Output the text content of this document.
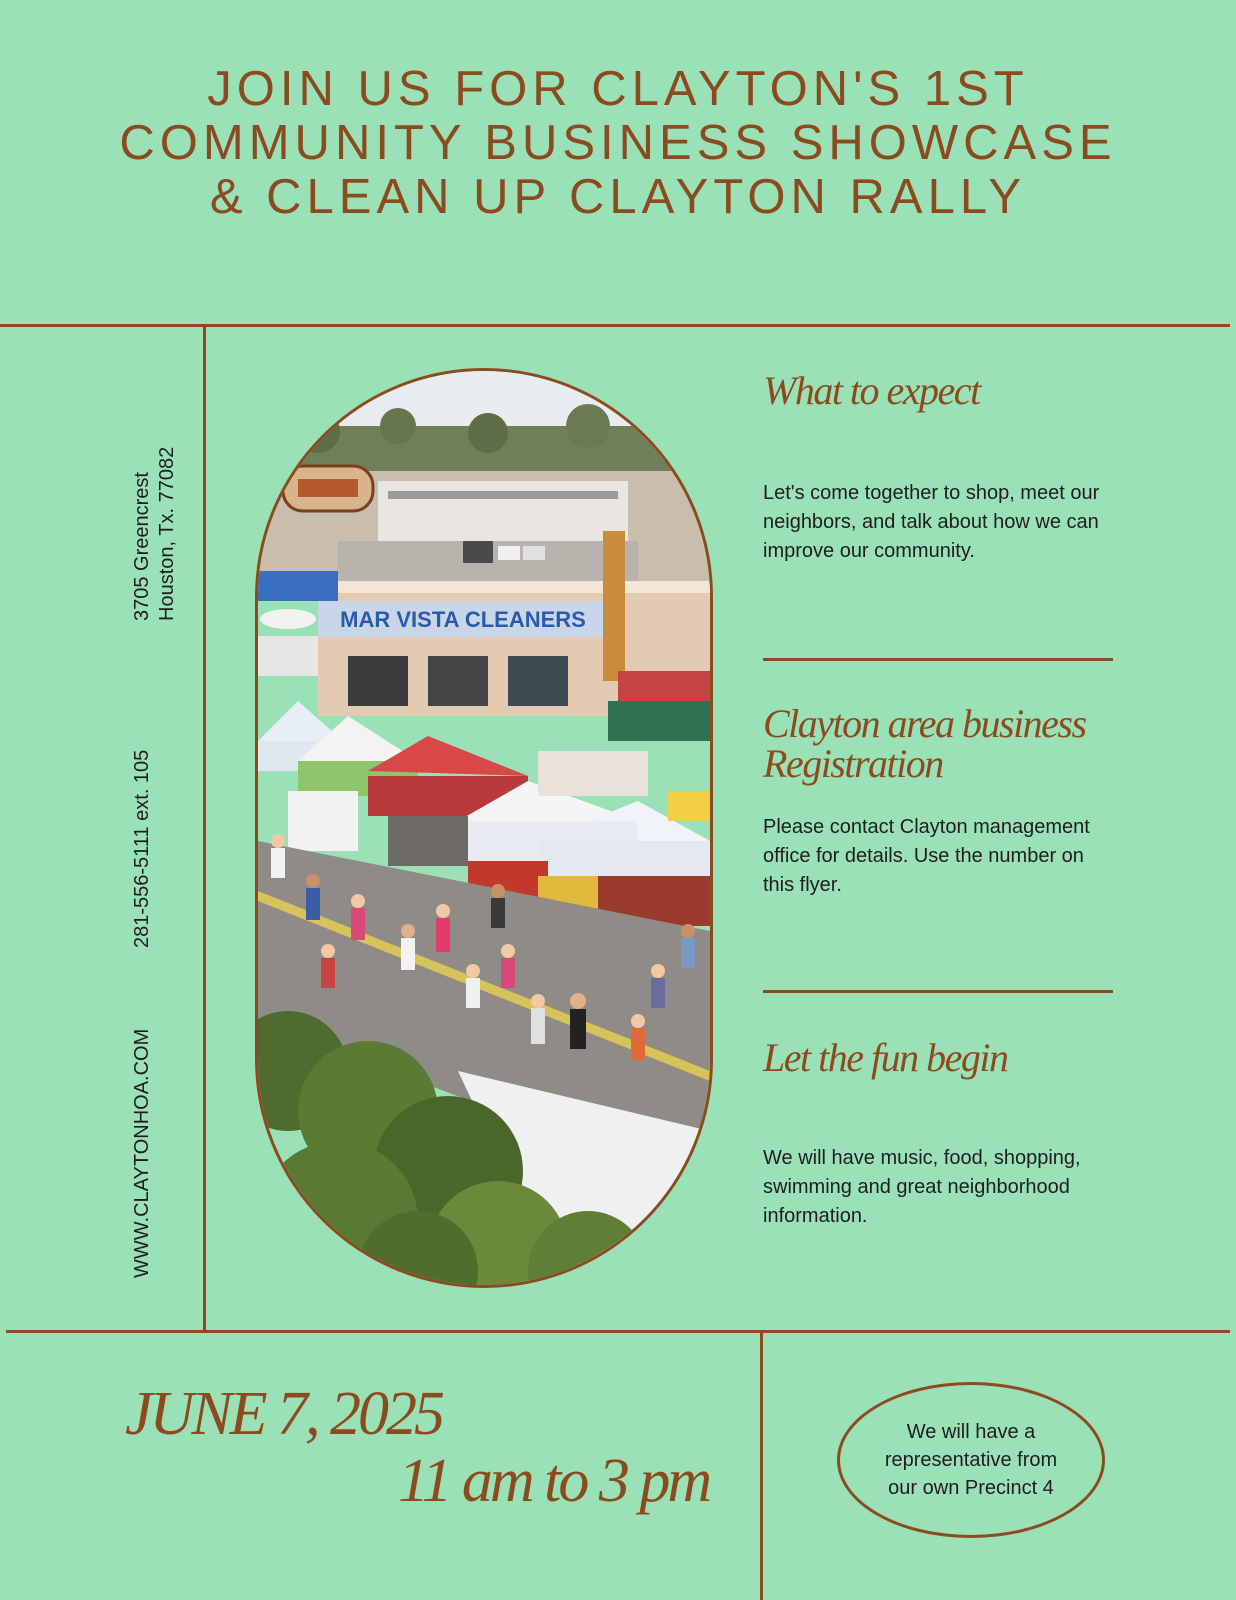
JOIN US FOR CLAYTON'S 1ST
COMMUNITY BUSINESS SHOWCASE
& CLEAN UP CLAYTON RALLY
3705 Greencrest Houston, Tx. 77082
281-556-5111 ext. 105
WWW.CLAYTONHOA.COM
MAR VISTA CLEANERS
What to expect
Let's come together to shop, meet our neighbors, and talk about how we can improve our community.
Clayton area business
Registration
Please contact Clayton management office for details. Use the number on this flyer.
Let the fun begin
We will have music, food, shopping, swimming and great neighborhood information.
JUNE 7, 2025
11 am to 3 pm
We will have a representative from our own Precinct 4
